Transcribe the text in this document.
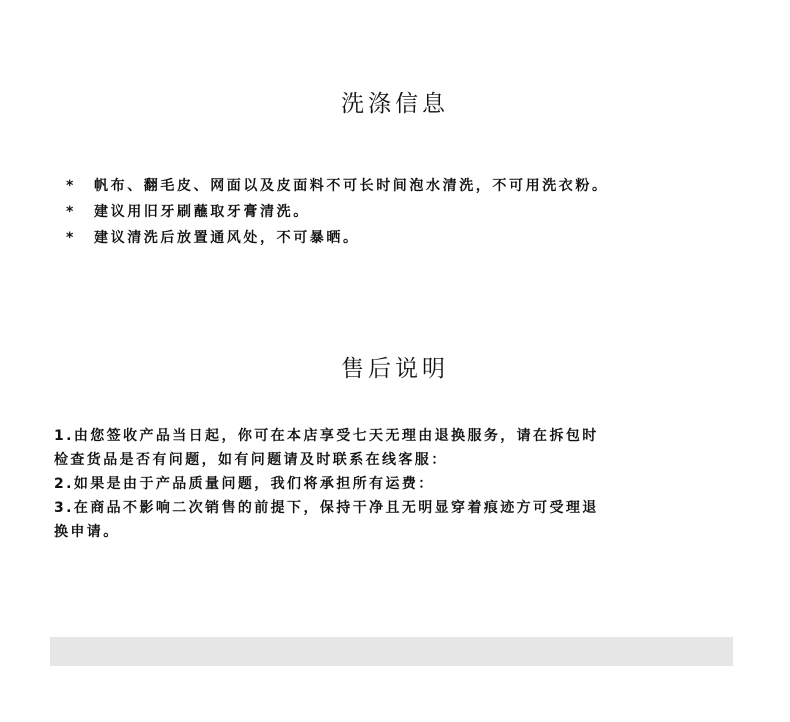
洗涤信息
*	帆布、翻毛皮、网面以及皮面料不可长时间泡水清洗，不可用洗衣粉。
*	建议用旧牙刷蘸取牙膏清洗。
*	建议清洗后放置通风处，不可暴晒。
售后说明
1.由您签收产品当日起，你可在本店享受七天无理由退换服务，请在拆包时
检查货品是否有问题，如有问题请及时联系在线客服：
2.如果是由于产品质量问题，我们将承担所有运费：
3.在商品不影响二次销售的前提下，保持干净且无明显穿着痕迹方可受理退
换申请。
